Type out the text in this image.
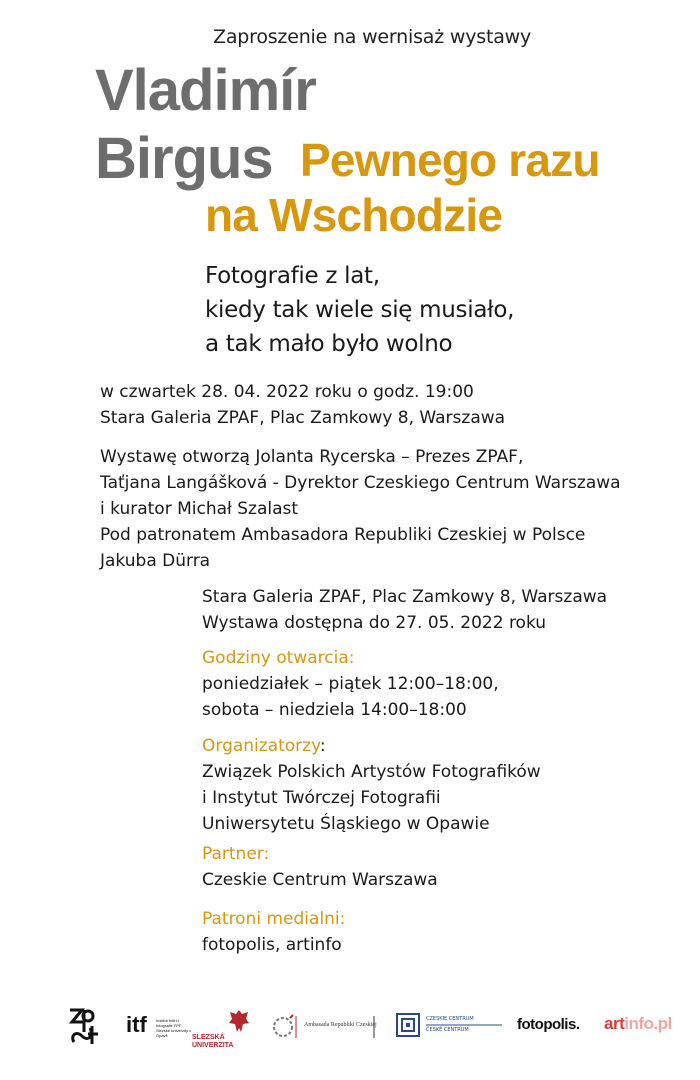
Zaproszenie na wernisaż wystawy
Vladimír
Birgus Pewnego razu
na Wschodzie
Fotografie z lat,
kiedy tak wiele się musiało,
a tak mało było wolno
w czwartek 28. 04. 2022 roku o godz. 19:00
Stara Galeria ZPAF, Plac Zamkowy 8, Warszawa
Wystawę otworzą Jolanta Rycerska – Prezes ZPAF,
Taťjana Langášková - Dyrektor Czeskiego Centrum Warszawa
i kurator Michał Szalast
Pod patronatem Ambasadora Republiki Czeskiej w Polsce
Jakuba Dürra
Stara Galeria ZPAF, Plac Zamkowy 8, Warszawa
Wystawa dostępna do 27. 05. 2022 roku
Godziny otwarcia:
poniedziałek – piątek 12:00–18:00,
sobota – niedziela 14:00–18:00
Organizatorzy:
Związek Polskich Artystów Fotografików
i Instytut Twórczej Fotografii
Uniwersytetu Śląskiego w Opawie
Partner:
Czeskie Centrum Warszawa
Patroni medialni:
fotopolis, artinfo
itf Institut tvůrčí fotografie FPF Slezské univerzity v Opavě	SLEZSKÁ
UNIVERZITA
Ambasada Republiki Czeskiej
CZESKIE CENTRUM
ČESKÉ CENTRUM	fotopolis. artinfo.pl
